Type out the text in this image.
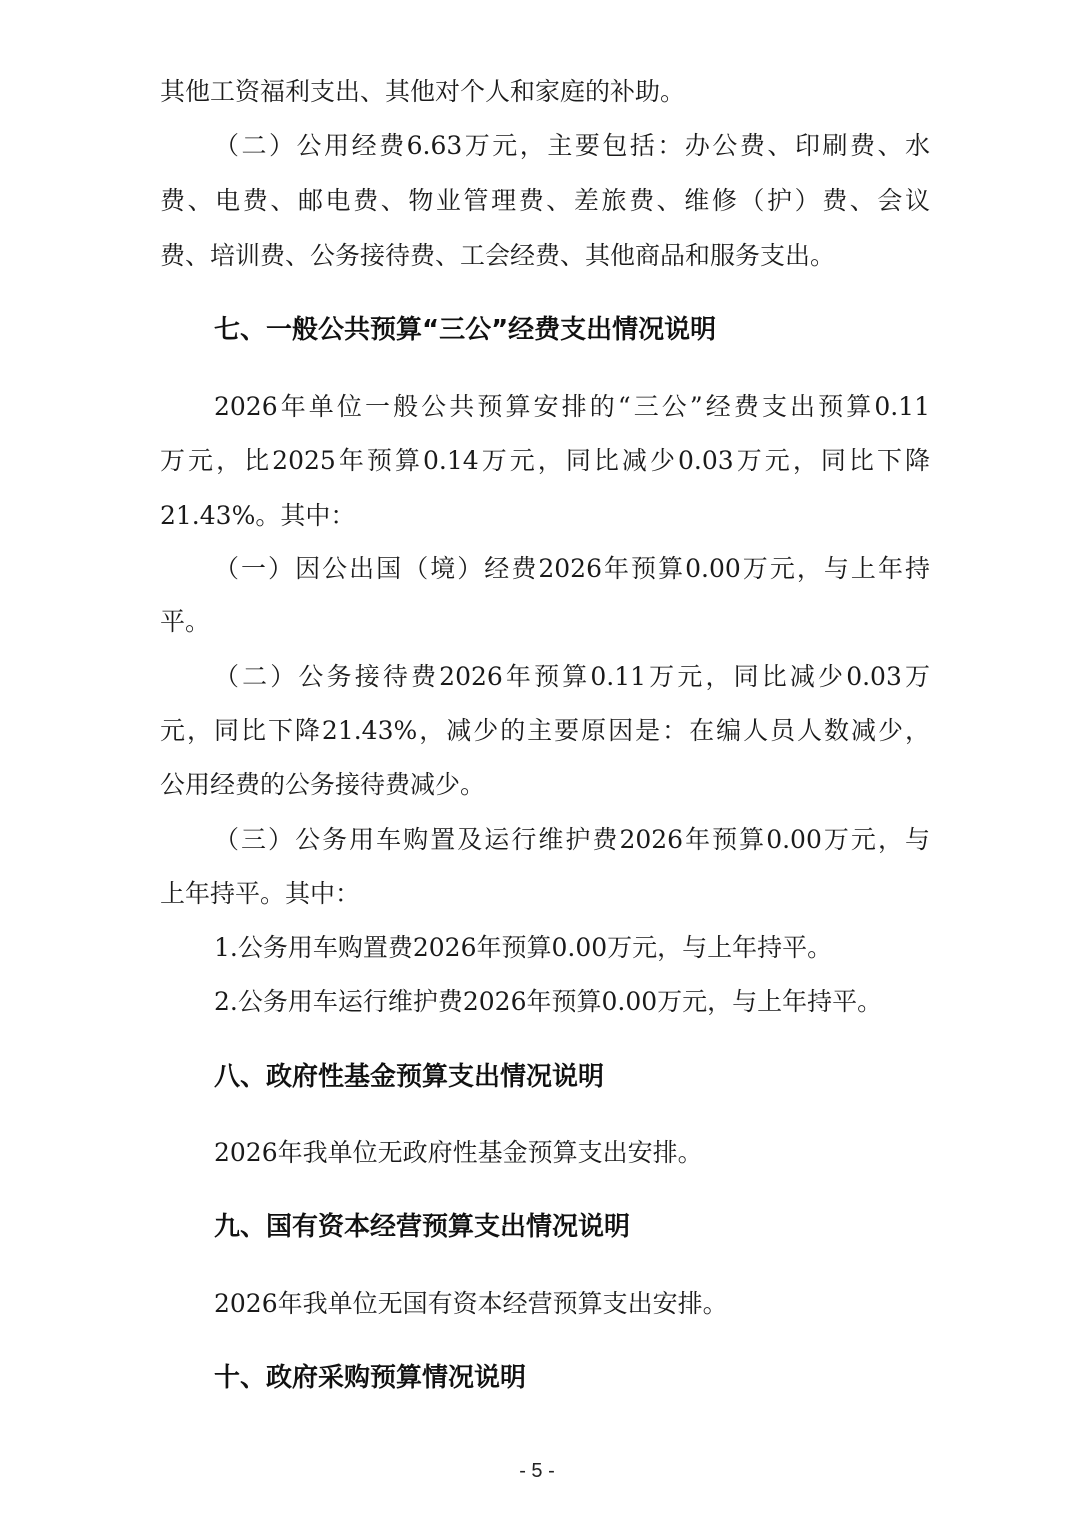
其他工资福利支出、其他对个人和家庭的补助。

（二）公用经费6.63万元，主要包括：办公费、印刷费、水

费、电费、邮电费、物业管理费、差旅费、维修（护）费、会议

费、培训费、公务接待费、工会经费、其他商品和服务支出。

七、一般公共预算“三公”经费支出情况说明

2026年单位一般公共预算安排的“三公”经费支出预算0.11

万元，比2025年预算0.14万元，同比减少0.03万元，同比下降

21.43%。其中：

（一）因公出国（境）经费2026年预算0.00万元，与上年持

平。

（二）公务接待费2026年预算0.11万元，同比减少0.03万

元，同比下降21.43%，减少的主要原因是：在编人员人数减少，

公用经费的公务接待费减少。

（三）公务用车购置及运行维护费2026年预算0.00万元，与

上年持平。其中：

1.公务用车购置费2026年预算0.00万元，与上年持平。

2.公务用车运行维护费2026年预算0.00万元，与上年持平。

八、政府性基金预算支出情况说明

2026年我单位无政府性基金预算支出安排。

九、国有资本经营预算支出情况说明

2026年我单位无国有资本经营预算支出安排。

十、政府采购预算情况说明
- 5 -
